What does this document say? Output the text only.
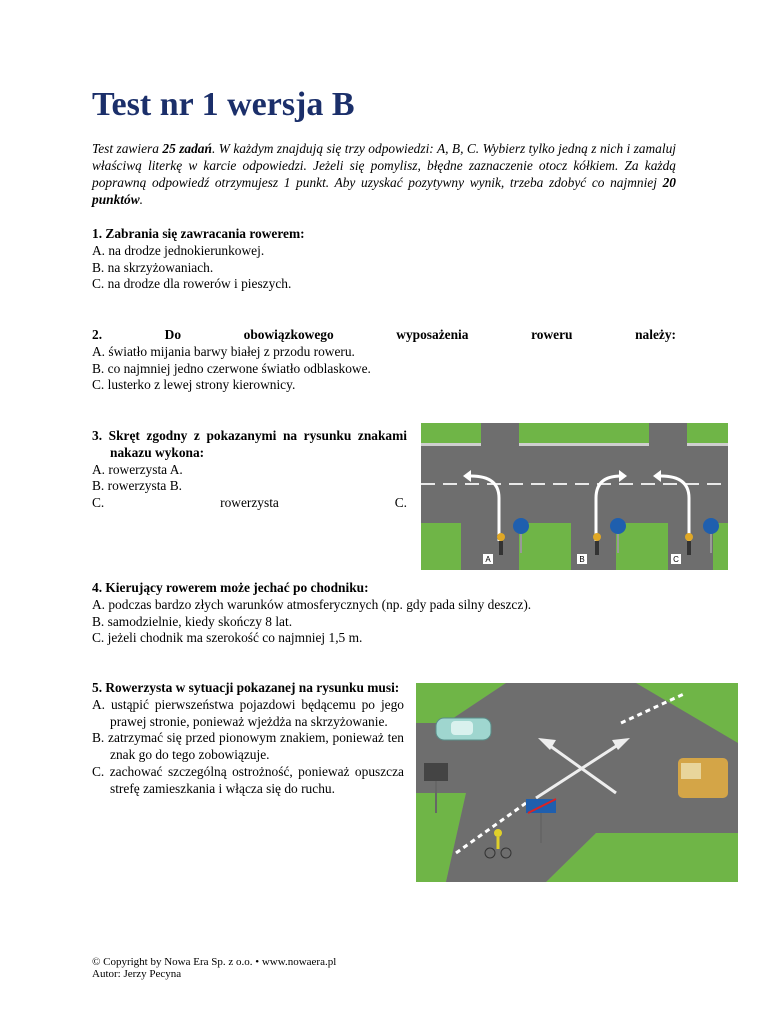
Test nr 1 wersja B
Test zawiera 25 zadań. W każdym znajdują się trzy odpowiedzi: A, B, C. Wybierz tylko jedną z nich i zamaluj właściwą literkę w karcie odpowiedzi. Jeżeli się pomylisz, błędne zaznaczenie otocz kółkiem. Za każdą poprawną odpowiedź otrzymujesz 1 punkt. Aby uzyskać pozytywny wynik, trzeba zdobyć co najmniej 20 punktów.
1. Zabrania się zawracania rowerem:
A. na drodze jednokierunkowej.
B. na skrzyżowaniach.
C. na drodze dla rowerów i pieszych.
2. Do obowiązkowego wyposażenia roweru należy:
A. światło mijania barwy białej z przodu roweru.
B. co najmniej jedno czerwone światło odblaskowe.
C. lusterko z lewej strony kierownicy.
3. Skręt zgodny z pokazanymi na rysunku znakami nakazu wykona:
A. rowerzysta A.
B. rowerzysta B.
C. rowerzysta C.
A	B	C
4. Kierujący rowerem może jechać po chodniku:
A. podczas bardzo złych warunków atmosferycznych (np. gdy pada silny deszcz).
B. samodzielnie, kiedy skończy 8 lat.
C. jeżeli chodnik ma szerokość co najmniej 1,5 m.
5. Rowerzysta w sytuacji pokazanej na rysunku musi:
A. ustąpić pierwszeństwa pojazdowi będącemu po jego prawej stronie, ponieważ wjeżdża na skrzyżowanie.
B. zatrzymać się przed pionowym znakiem, ponieważ ten znak go do tego zobowiązuje.
C. zachować szczególną ostrożność, ponieważ opuszcza strefę zamieszkania i włącza się do ruchu.
© Copyright by Nowa Era Sp. z o.o. • www.nowaera.pl
Autor: Jerzy Pecyna
